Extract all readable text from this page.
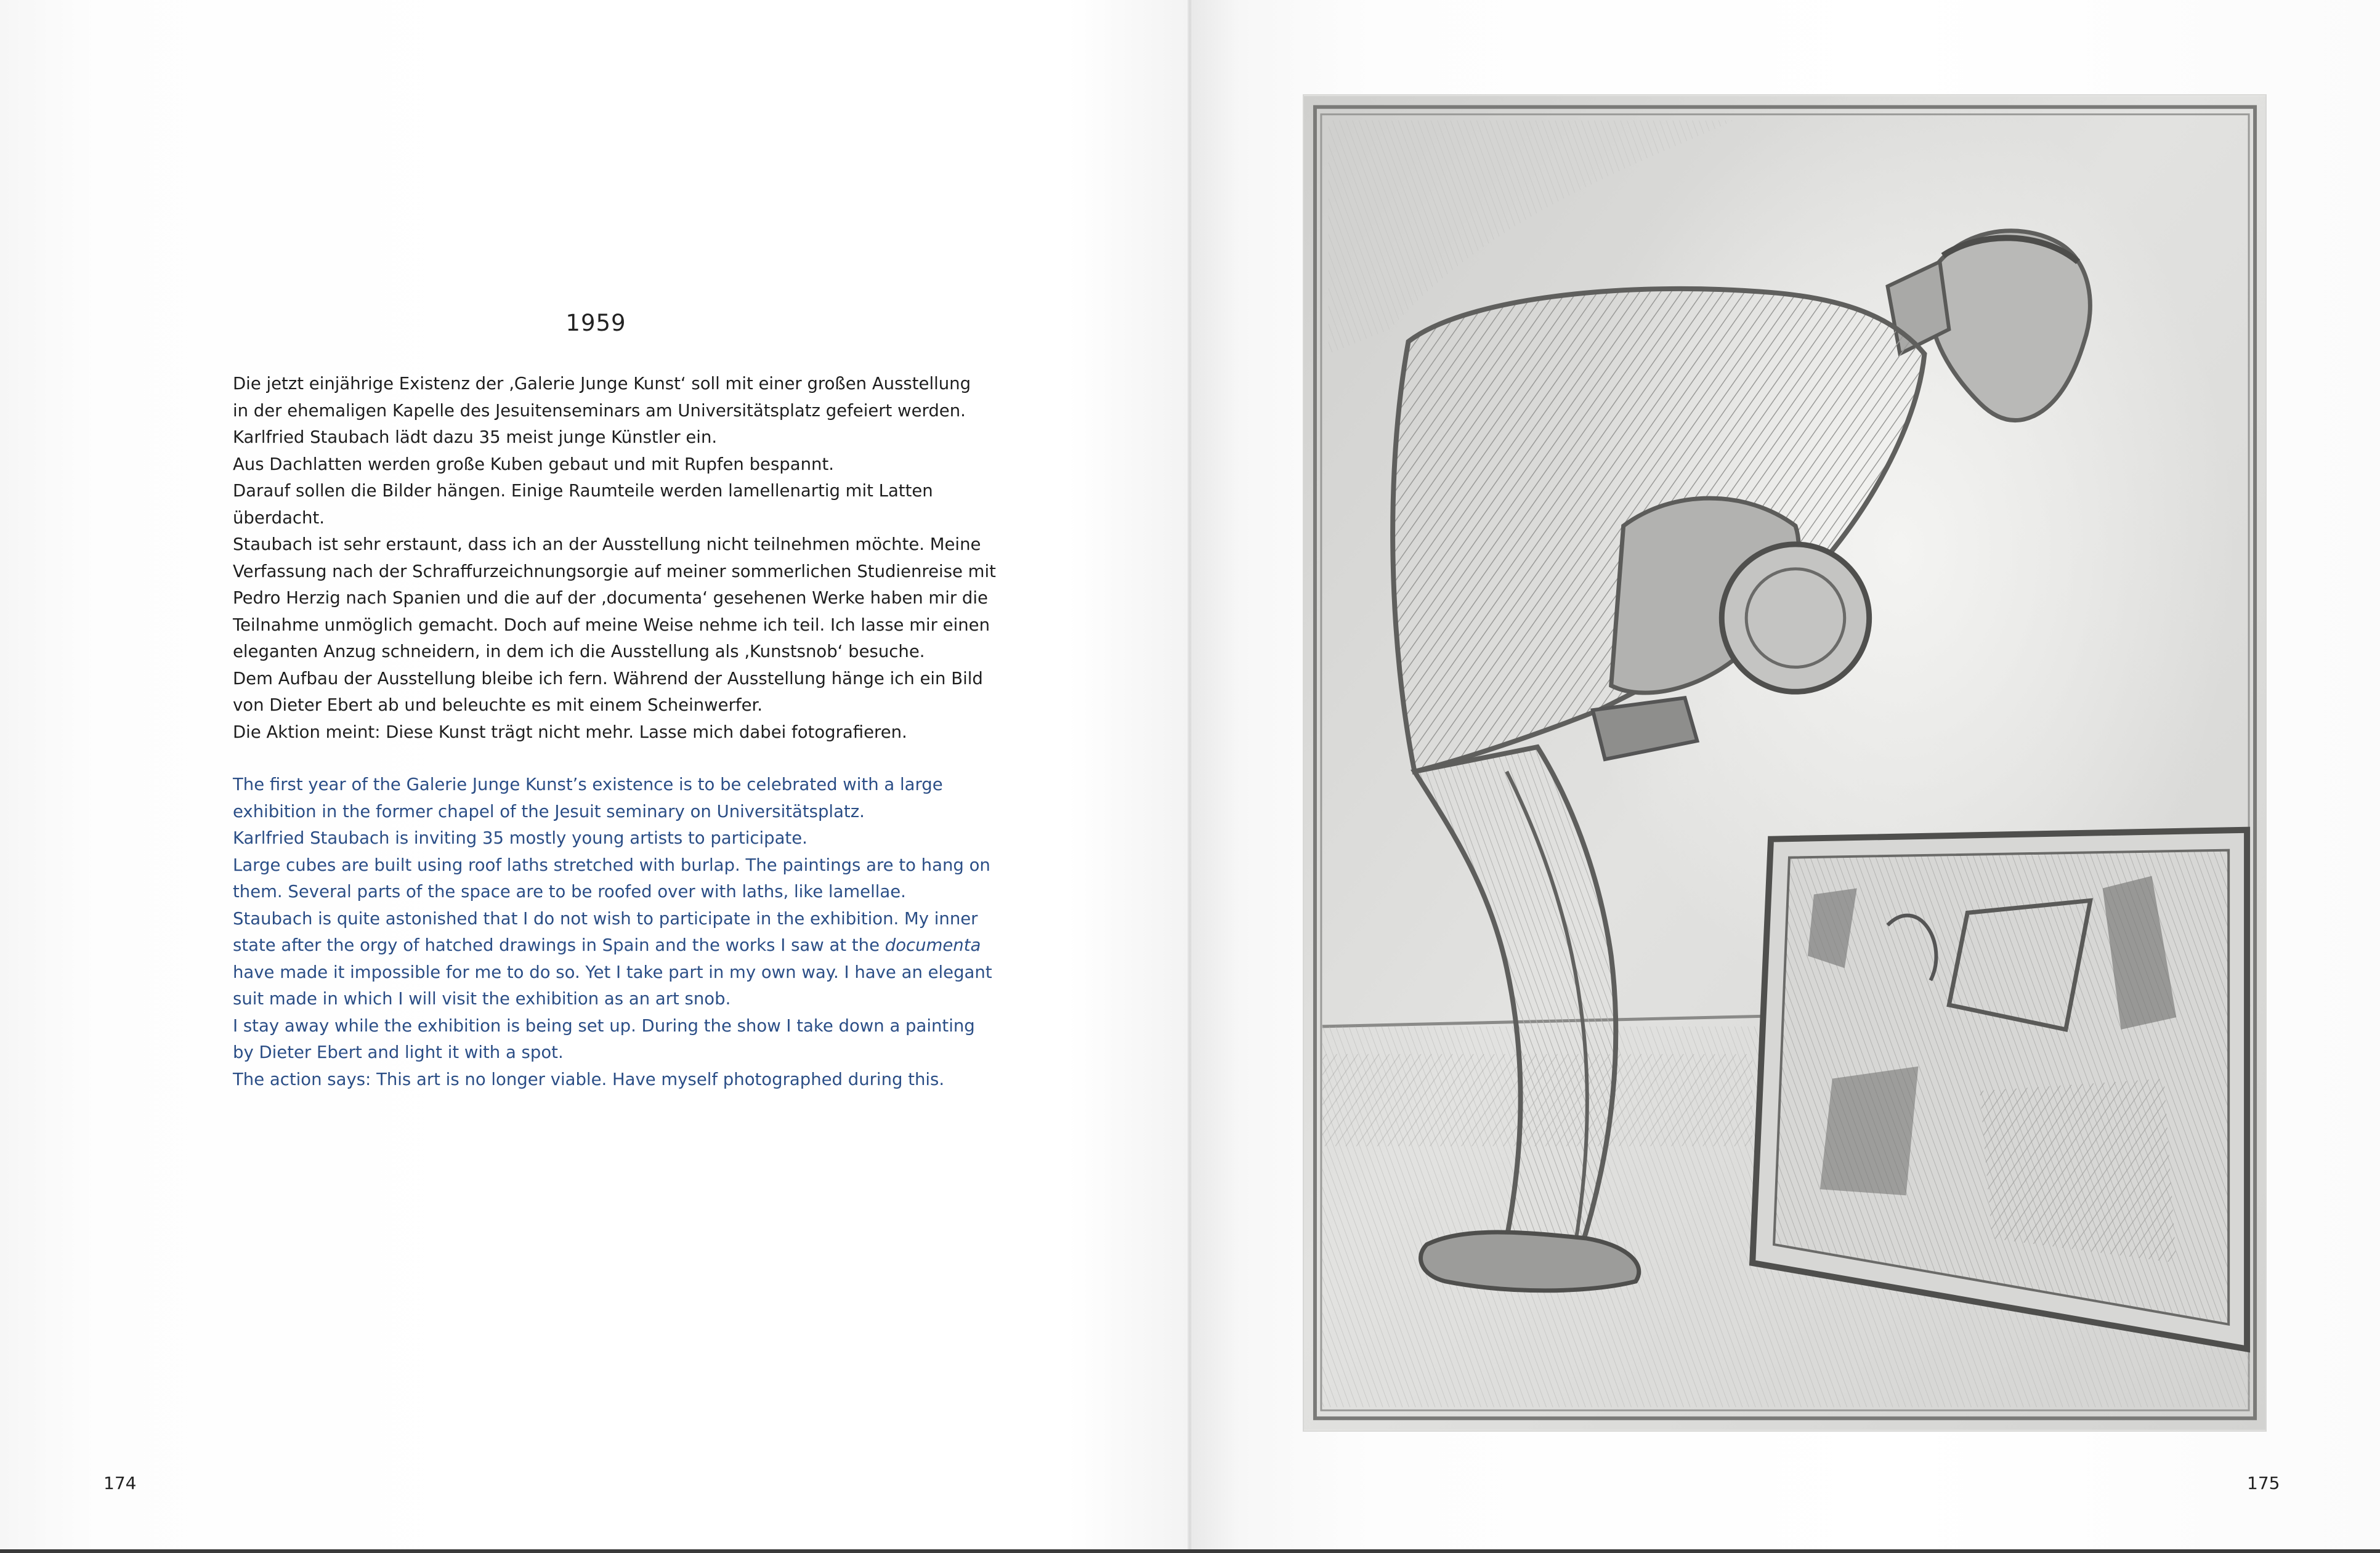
1959
Die jetzt einjährige Existenz der ‚Galerie Junge Kunst‘ soll mit einer großen Ausstellung
in der ehemaligen Kapelle des Jesuitenseminars am Universitätsplatz gefeiert werden.
Karlfried Staubach lädt dazu 35 meist junge Künstler ein.
Aus Dachlatten werden große Kuben gebaut und mit Rupfen bespannt.
Darauf sollen die Bilder hängen. Einige Raumteile werden lamellenartig mit Latten
überdacht.
Staubach ist sehr erstaunt, dass ich an der Ausstellung nicht teilnehmen möchte. Meine
Verfassung nach der Schraffurzeichnungsorgie auf meiner sommerlichen Studienreise mit
Pedro Herzig nach Spanien und die auf der ‚documenta‘ gesehenen Werke haben mir die
Teilnahme unmöglich gemacht. Doch auf meine Weise nehme ich teil. Ich lasse mir einen
eleganten Anzug schneidern, in dem ich die Ausstellung als ‚Kunstsnob‘ besuche.
Dem Aufbau der Ausstellung bleibe ich fern. Während der Ausstellung hänge ich ein Bild
von Dieter Ebert ab und beleuchte es mit einem Scheinwerfer.
Die Aktion meint: Diese Kunst trägt nicht mehr. Lasse mich dabei fotografieren.
The first year of the Galerie Junge Kunst’s existence is to be celebrated with a large
exhibition in the former chapel of the Jesuit seminary on Universitätsplatz.
Karlfried Staubach is inviting 35 mostly young artists to participate.
Large cubes are built using roof laths stretched with burlap. The paintings are to hang on
them. Several parts of the space are to be roofed over with laths, like lamellae.
Staubach is quite astonished that I do not wish to participate in the exhibition. My inner
state after the orgy of hatched drawings in Spain and the works I saw at the documenta
have made it impossible for me to do so. Yet I take part in my own way. I have an elegant
suit made in which I will visit the exhibition as an art snob.
I stay away while the exhibition is being set up. During the show I take down a painting
by Dieter Ebert and light it with a spot.
The action says: This art is no longer viable. Have myself photographed during this.
174	175
